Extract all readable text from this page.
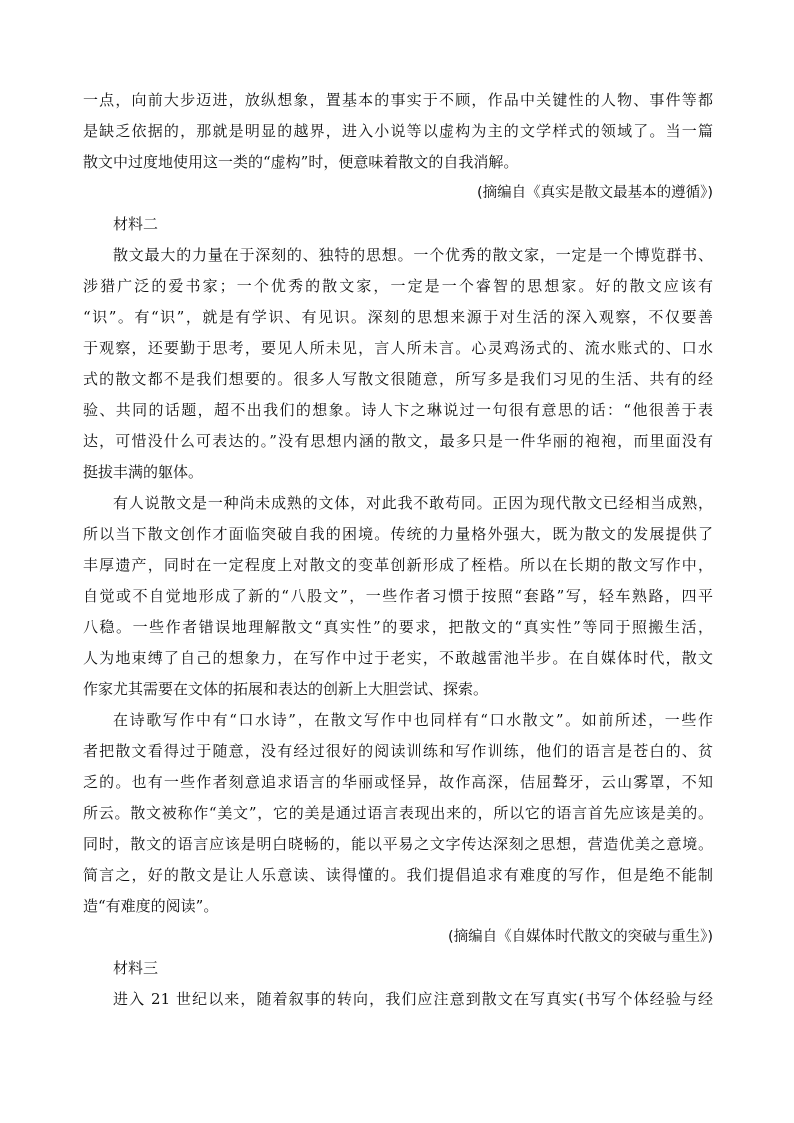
一点，向前大步迈进，放纵想象，置基本的事实于不顾，作品中关键性的人物、事件等都
是缺乏依据的，那就是明显的越界，进入小说等以虚构为主的文学样式的领域了。当一篇
散文中过度地使用这一类的“虚构”时，便意味着散文的自我消解。
(摘编自《真实是散文最基本的遵循》)
材料二
散文最大的力量在于深刻的、独特的思想。一个优秀的散文家，一定是一个博览群书、
涉猎广泛的爱书家；一个优秀的散文家，一定是一个睿智的思想家。好的散文应该有
“识”。有“识”，就是有学识、有见识。深刻的思想来源于对生活的深入观察，不仅要善
于观察，还要勤于思考，要见人所未见，言人所未言。心灵鸡汤式的、流水账式的、口水
式的散文都不是我们想要的。很多人写散文很随意，所写多是我们习见的生活、共有的经
验、共同的话题，超不出我们的想象。诗人卞之琳说过一句很有意思的话：“他很善于表
达，可惜没什么可表达的。”没有思想内涵的散文，最多只是一件华丽的袍袍，而里面没有
挺拔丰满的躯体。
有人说散文是一种尚未成熟的文体，对此我不敢苟同。正因为现代散文已经相当成熟，
所以当下散文创作才面临突破自我的困境。传统的力量格外强大，既为散文的发展提供了
丰厚遗产，同时在一定程度上对散文的变革创新形成了桎梏。所以在长期的散文写作中，
自觉或不自觉地形成了新的“八股文”，一些作者习惯于按照“套路”写，轻车熟路，四平
八稳。一些作者错误地理解散文“真实性”的要求，把散文的“真实性”等同于照搬生活，
人为地束缚了自己的想象力，在写作中过于老实，不敢越雷池半步。在自媒体时代，散文
作家尤其需要在文体的拓展和表达的创新上大胆尝试、探索。
在诗歌写作中有“口水诗”，在散文写作中也同样有“口水散文”。如前所述，一些作
者把散文看得过于随意，没有经过很好的阅读训练和写作训练，他们的语言是苍白的、贫
乏的。也有一些作者刻意追求语言的华丽或怪异，故作高深，佶屈聱牙，云山雾罩，不知
所云。散文被称作“美文”，它的美是通过语言表现出来的，所以它的语言首先应该是美的。
同时，散文的语言应该是明白晓畅的，能以平易之文字传达深刻之思想，营造优美之意境。
简言之，好的散文是让人乐意读、读得懂的。我们提倡追求有难度的写作，但是绝不能制
造“有难度的阅读”。
(摘编自《自媒体时代散文的突破与重生》)
材料三
进入 21 世纪以来，随着叙事的转向，我们应注意到散文在写真实(书写个体经验与经
